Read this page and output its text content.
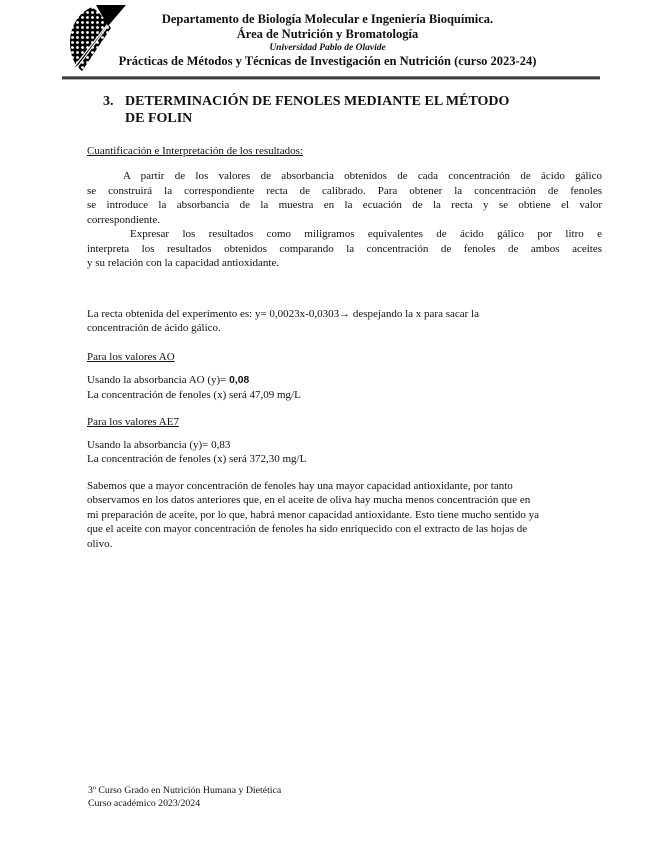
Departamento de Biología Molecular e Ingeniería Bioquímica.
Área de Nutrición y Bromatología
Universidad Pablo de Olavide
Prácticas de Métodos y Técnicas de Investigación en Nutrición (curso 2023-24)
3. DETERMINACIÓN DE FENOLES MEDIANTE EL MÉTODO
DE FOLIN
Cuantificación e Interpretación de los resultados:
A partir de los valores de absorbancia obtenidos de cada concentración de ácido gálico
se construirá la correspondiente recta de calibrado. Para obtener la concentración de fenoles
se introduce la absorbancia de la muestra en la ecuación de la recta y se obtiene el valor
correspondiente.
Expresar los resultados como miligramos equivalentes de ácido gálico por litro e
interpreta los resultados obtenidos comparando la concentración de fenoles de ambos aceites
y su relación con la capacidad antioxidante.
La recta obtenida del experimento es: y= 0,0023x-0,0303→ despejando la x para sacar la
concentración de ácido gálico.
Para los valores AO
Usando la absorbancia AO (y)= 0,08
La concentración de fenoles (x) será 47,09 mg/L
Para los valores AE7
Usando la absorbancia (y)= 0,83
La concentración de fenoles (x) será 372,30 mg/L
Sabemos que a mayor concentración de fenoles hay una mayor capacidad antioxidante, por tanto
observamos en los datos anteriores que, en el aceite de oliva hay mucha menos concentración que en
mi preparación de aceite, por lo que, habrá menor capacidad antioxidante. Esto tiene mucho sentido ya
que el aceite con mayor concentración de fenoles ha sido enriquecido con el extracto de las hojas de
olivo.
3º Curso Grado en Nutrición Humana y Dietética
Curso académico 2023/2024
